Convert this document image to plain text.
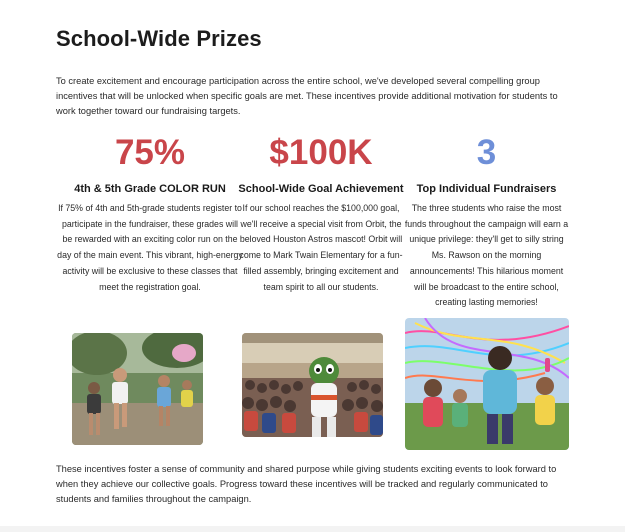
School-Wide Prizes
To create excitement and encourage participation across the entire school, we've developed several compelling group incentives that will be unlocked when specific goals are met. These incentives provide additional motivation for students to work together toward our fundraising targets.
75%
4th & 5th Grade COLOR RUN
If 75% of 4th and 5th-grade students register to participate in the fundraiser, these grades will be rewarded with an exciting color run on the day of the main event. This vibrant, high-energy activity will be exclusive to these classes that meet the registration goal.
$100K
School-Wide Goal Achievement
If our school reaches the $100,000 goal, we'll receive a special visit from Orbit, the beloved Houston Astros mascot! Orbit will come to Mark Twain Elementary for a fun-filled assembly, bringing excitement and team spirit to all our students.
3
Top Individual Fundraisers
The three students who raise the most funds throughout the campaign will earn a unique privilege: they'll get to silly string Ms. Rawson on the morning announcements! This hilarious moment will be broadcast to the entire school, creating lasting memories!
These incentives foster a sense of community and shared purpose while giving students exciting events to look forward to when they achieve our collective goals. Progress toward these incentives will be tracked and regularly communicated to students and families throughout the campaign.
